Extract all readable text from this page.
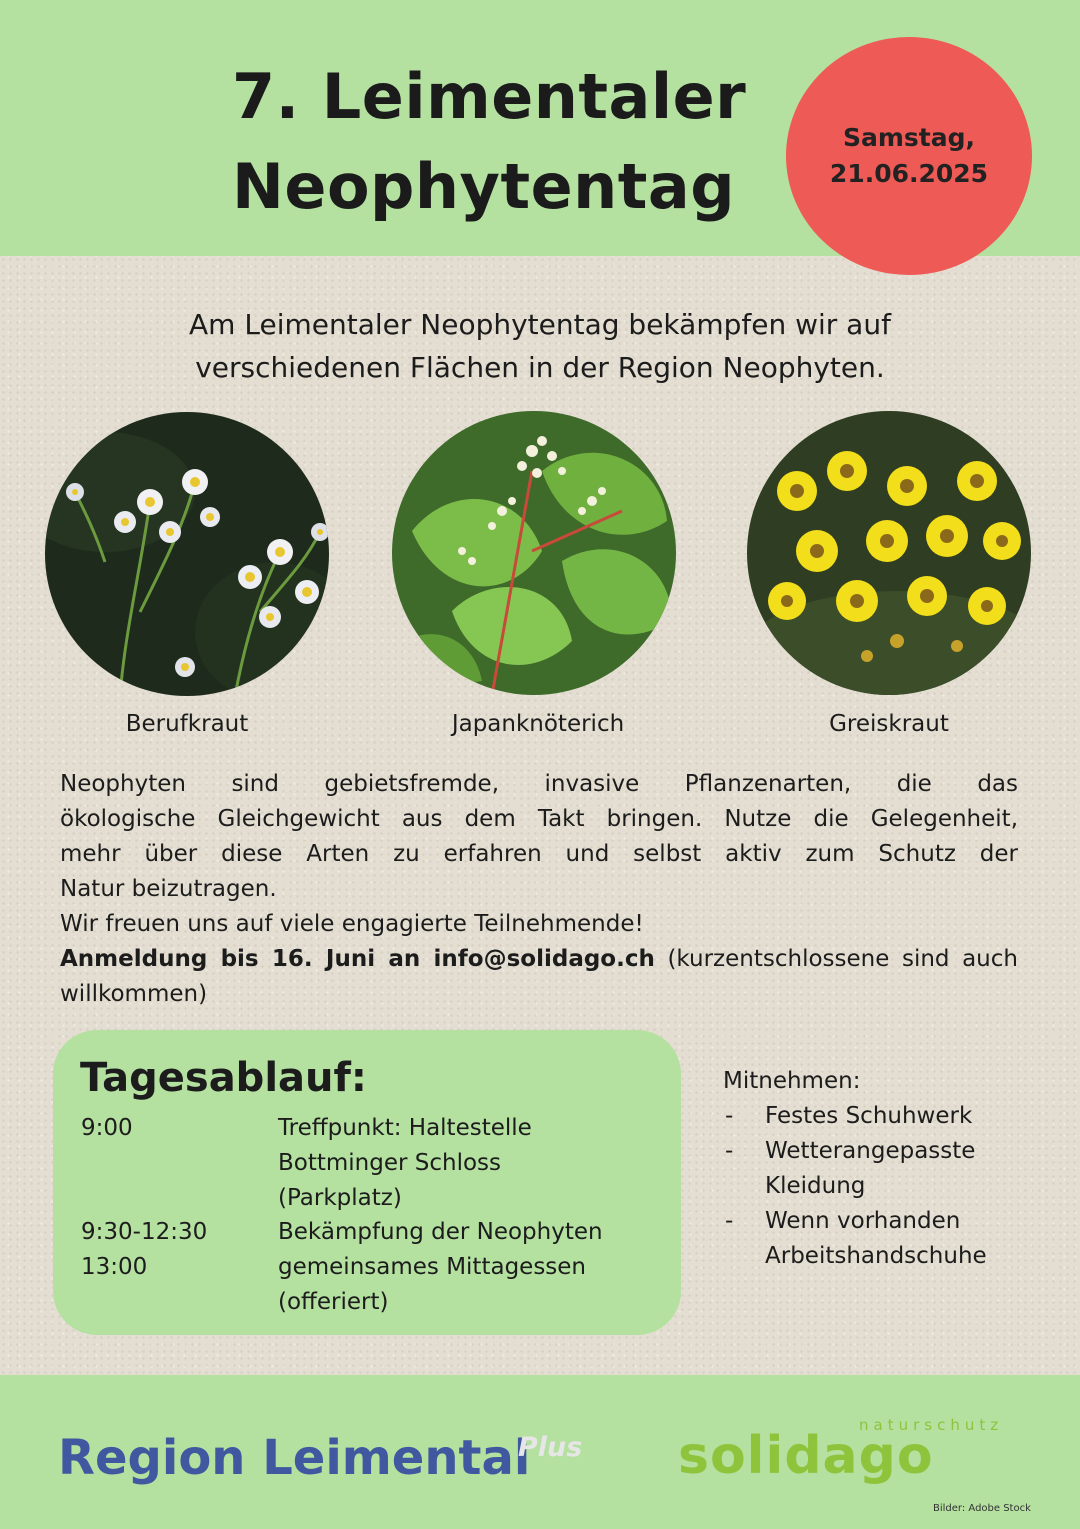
7. Leimentaler
Neophytentag
Samstag,
21.06.2025
Am Leimentaler Neophytentag bekämpfen wir auf
verschiedenen Flächen in der Region Neophyten.
Berufkraut	Japanknöterich	Greiskraut

Neophyten sind gebietsfremde, invasive Pflanzenarten, die das

ökologische Gleichgewicht aus dem Takt bringen. Nutze die Gelegenheit,

mehr über diese Arten zu erfahren und selbst aktiv zum Schutz der

Natur beizutragen.

Wir freuen uns auf viele engagierte Teilnehmende!

Anmeldung bis 16. Juni an info@solidago.ch (kurzentschlossene sind auch willkommen)

Tagesablauf:
9:00	Treffpunkt: Haltestelle
Bottminger Schloss
(Parkplatz)
9:30-12:30	Bekämpfung der Neophyten
13:00	gemeinsames Mittagessen
(offeriert)
Mitnehmen:
- Festes Schuhwerk
- Wetterangepasste
Kleidung
- Wenn vorhanden
Arbeitshandschuhe
Region Leimental
Plus
naturschutz
solidago
Bilder: Adobe Stock
